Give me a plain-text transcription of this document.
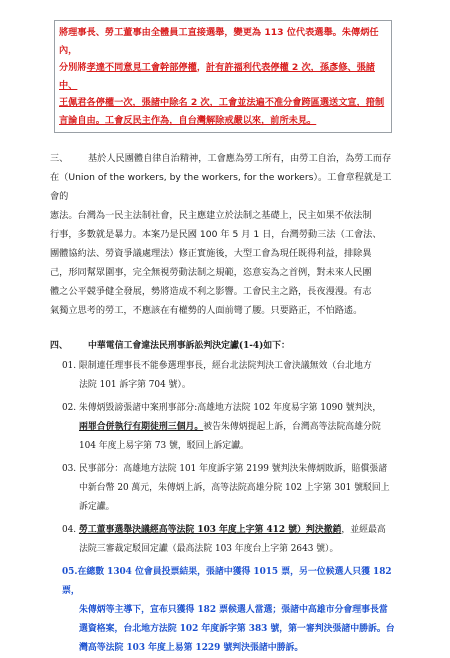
將理事長、勞工董事由全體員工直接選舉，變更為 113 位代表選舉。朱傳炳任內，

分別將孝達不同意見工會幹部停權，計有許福利代表停權 2 次，孫彥修、張諸中、

王佩君各停權一次，張諸中除名 2 次，工會並法遍不准分會跨區選送文宣，箝制

言論自由。工會反民主作為，自台灣解除戒嚴以來，前所未見。

三、	基於人民團體自律自治精神，工會應為勞工所有，由勞工自治，為勞工而存
在（Union of the workers, by the workers, for the workers）。工會章程就是工會的
憲法。台灣為一民主法制社會，民主應建立於法制之基礎上，民主如果不依法制
行事，多數就是暴力。本案乃是民國 100 年 5 月 1 日，台灣勞動三法（工會法、
團體協約法、勞資爭議處理法）修正實施後，大型工會為現任既得利益，排除異
己，形同幫眾圍事，完全無視勞動法制之規範，恣意妄為之首例，對未來人民團
體之公平競爭健全發展，勢將造成不利之影響。工會民主之路，長夜漫漫。有志
氣獨立思考的勞工，不應該在有權勢的人面前彎了腰。只要路正，不怕路遙。
四、	中華電信工會違法民刑事訴訟判決定讞(1-4)如下：
01. 限制連任理事長不能參選理事長，經台北法院判決工會決議無效（台北地方
法院 101 訴字第 704 號）。
02. 朱傳炳毀謗張諸中案刑事部分:高雄地方法院 102 年度易字第 1090 號判決，
兩罪合併執行有期徒刑三個月。被告朱傳炳提起上訴，台灣高等法院高雄分院
104 年度上易字第 73 號，駁回上訴定讞。
03. 民事部分：高雄地方法院 101 年度訴字第 2199 號判決朱傳炳敗訴，賠償張諸
中新台幣 20 萬元，朱傳炳上訴，高等法院高雄分院 102 上字第 301 號駁回上
訴定讞。
04. 勞工董事選舉決議經高等法院 103 年度上字第 412 號）判決撤銷，並經最高
法院三審裁定駁回定讞（最高法院 103 年度台上字第 2643 號）。
05.在總數 1304 位會員投票結果，張諸中獲得 1015 票，另一位候選人只獲 182 票，
朱傳炳等主導下，宣布只獲得 182 票候選人當選；張諸中高雄市分會理事長當
選資格案，台北地方法院 102 年度訴字第 383 號，第一審判決張諸中勝訴。台
灣高等法院 103 年度上易第 1229 號判決張諸中勝訴。
